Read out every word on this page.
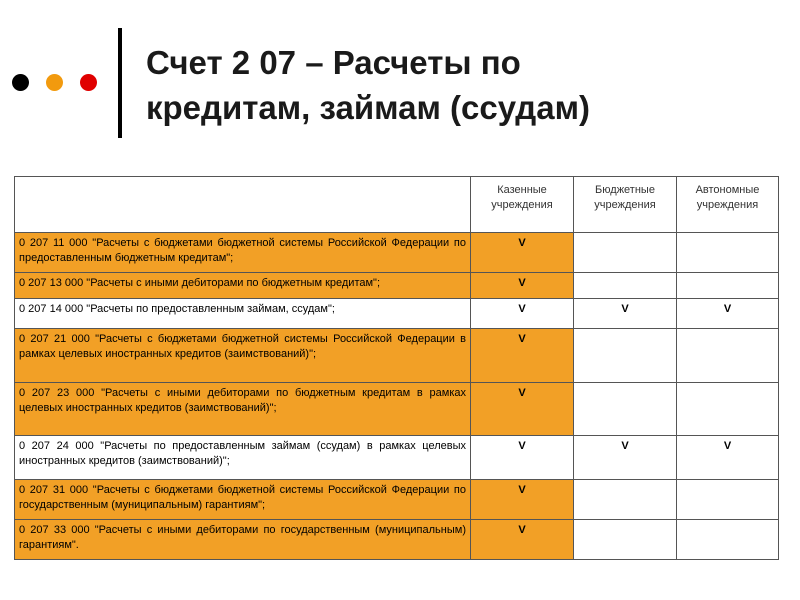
Счет 2 07 – Расчеты по
кредитам, займам (ссудам)
	Казенные учреждения	Бюджетные учреждения	Автономные учреждения
0 207 11 000 "Расчеты с бюджетами бюджетной системы Российской Федерации по предоставленным бюджетным кредитам";	V		
0 207 13 000 "Расчеты с иными дебиторами по бюджетным кредитам";	V		
0 207 14 000 "Расчеты по предоставленным займам, ссудам";	V	V	V
0 207 21 000 "Расчеты с бюджетами бюджетной системы Российской Федерации в рамках целевых иностранных кредитов (заимствований)";	V		
0 207 23 000 "Расчеты с иными дебиторами по бюджетным кредитам в рамках целевых иностранных кредитов (заимствований)";	V		
0 207 24 000 "Расчеты по предоставленным займам (ссудам) в рамках целевых иностранных кредитов (заимствований)";	V	V	V
0 207 31 000 "Расчеты с бюджетами бюджетной системы Российской Федерации по государственным (муниципальным) гарантиям";	V		
0 207 33 000 "Расчеты с иными дебиторами по государственным (муниципальным) гарантиям".	V		
